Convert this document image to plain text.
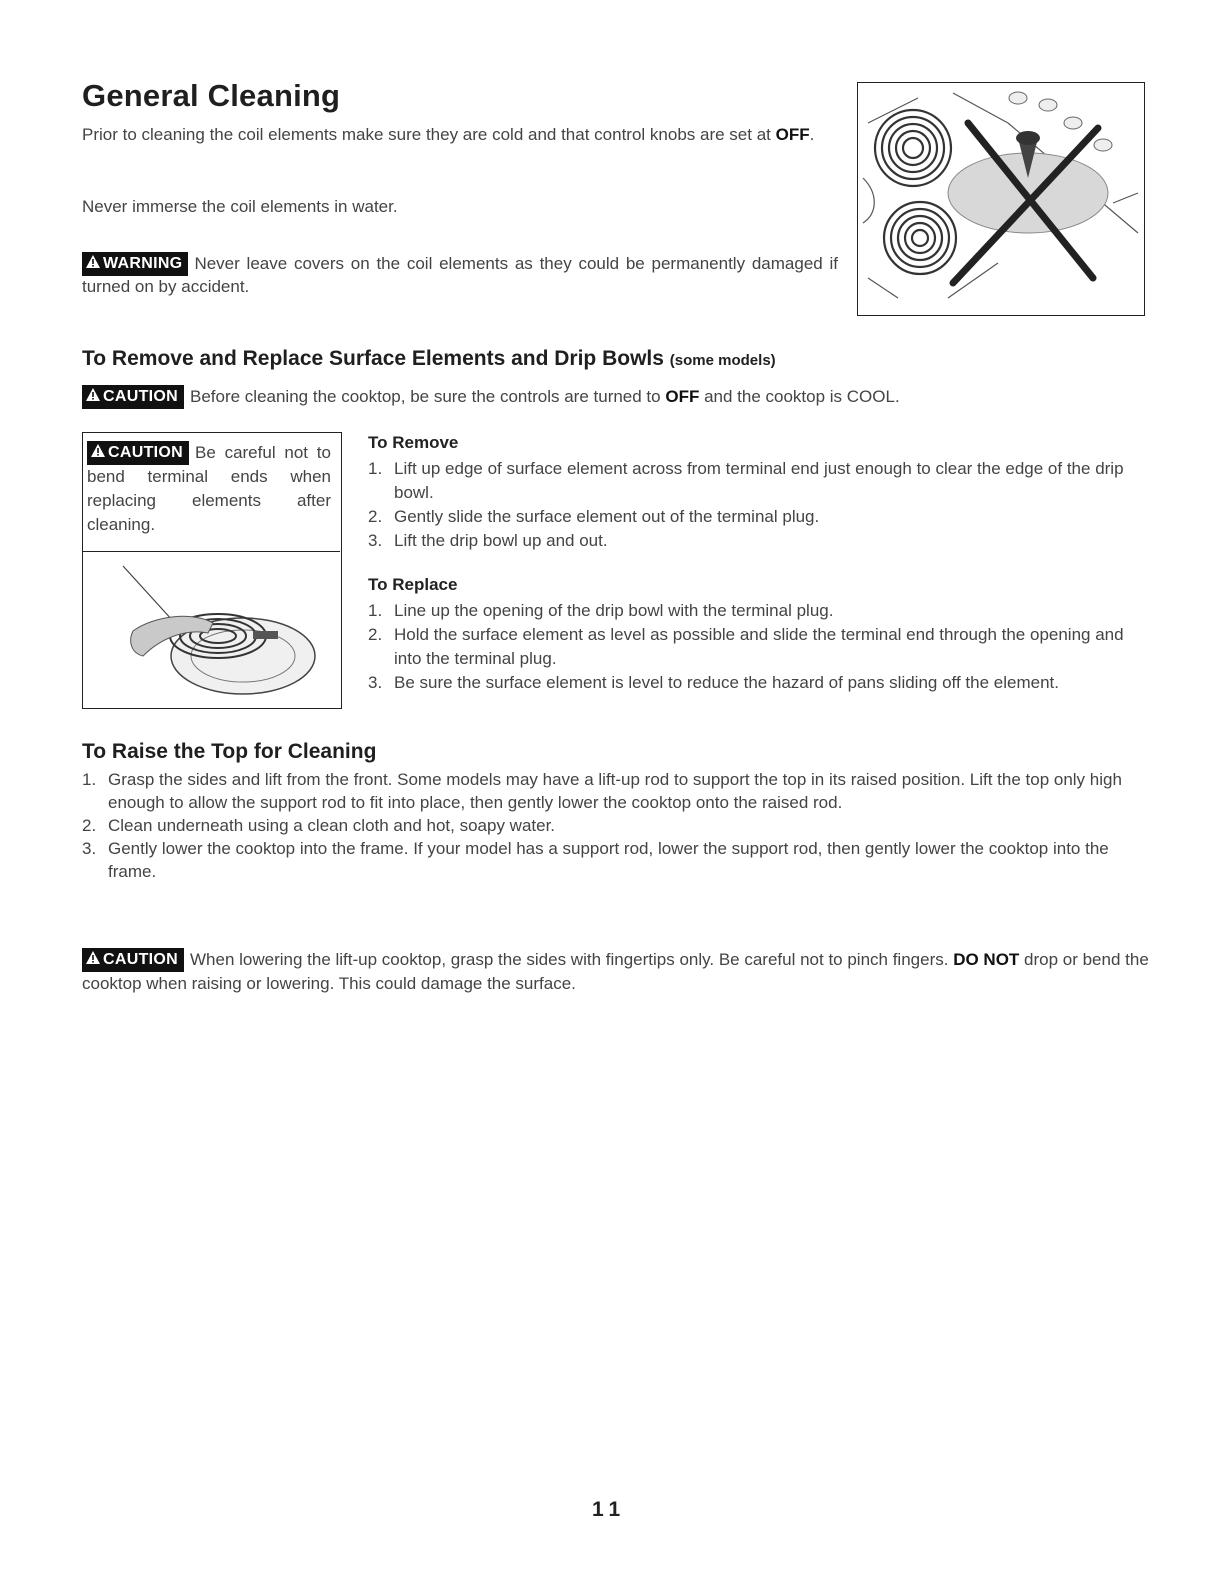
General Cleaning
Prior to cleaning the coil elements make sure they are cold and that control knobs are set at OFF.
Never immerse the coil elements in water.
WARNING Never leave covers on the coil elements as they could be permanently damaged if turned on by accident.
To Remove and Replace Surface Elements and Drip Bowls (some models)
CAUTION Before cleaning the cooktop, be sure the controls are turned to OFF and the cooktop is COOL.
CAUTION Be careful not to bend terminal ends when replacing elements after cleaning.
To Remove
1. Lift up edge of surface element across from terminal end just enough to clear the edge of the drip bowl.
2. Gently slide the surface element out of the terminal plug.
3. Lift the drip bowl up and out.
To Replace
1. Line up the opening of the drip bowl with the terminal plug.
2. Hold the surface element as level as possible and slide the terminal end through the opening and into the terminal plug.
3. Be sure the surface element is level to reduce the hazard of pans sliding off the element.
To Raise the Top for Cleaning
1. Grasp the sides and lift from the front. Some models may have a lift-up rod to support the top in its raised position. Lift the top only high enough to allow the support rod to fit into place, then gently lower the cooktop onto the raised rod.
2. Clean underneath using a clean cloth and hot, soapy water.
3. Gently lower the cooktop into the frame. If your model has a support rod, lower the support rod, then gently lower the cooktop into the frame.
CAUTION When lowering the lift-up cooktop, grasp the sides with fingertips only. Be careful not to pinch fingers. DO NOT drop or bend the cooktop when raising or lowering. This could damage the surface.
11
